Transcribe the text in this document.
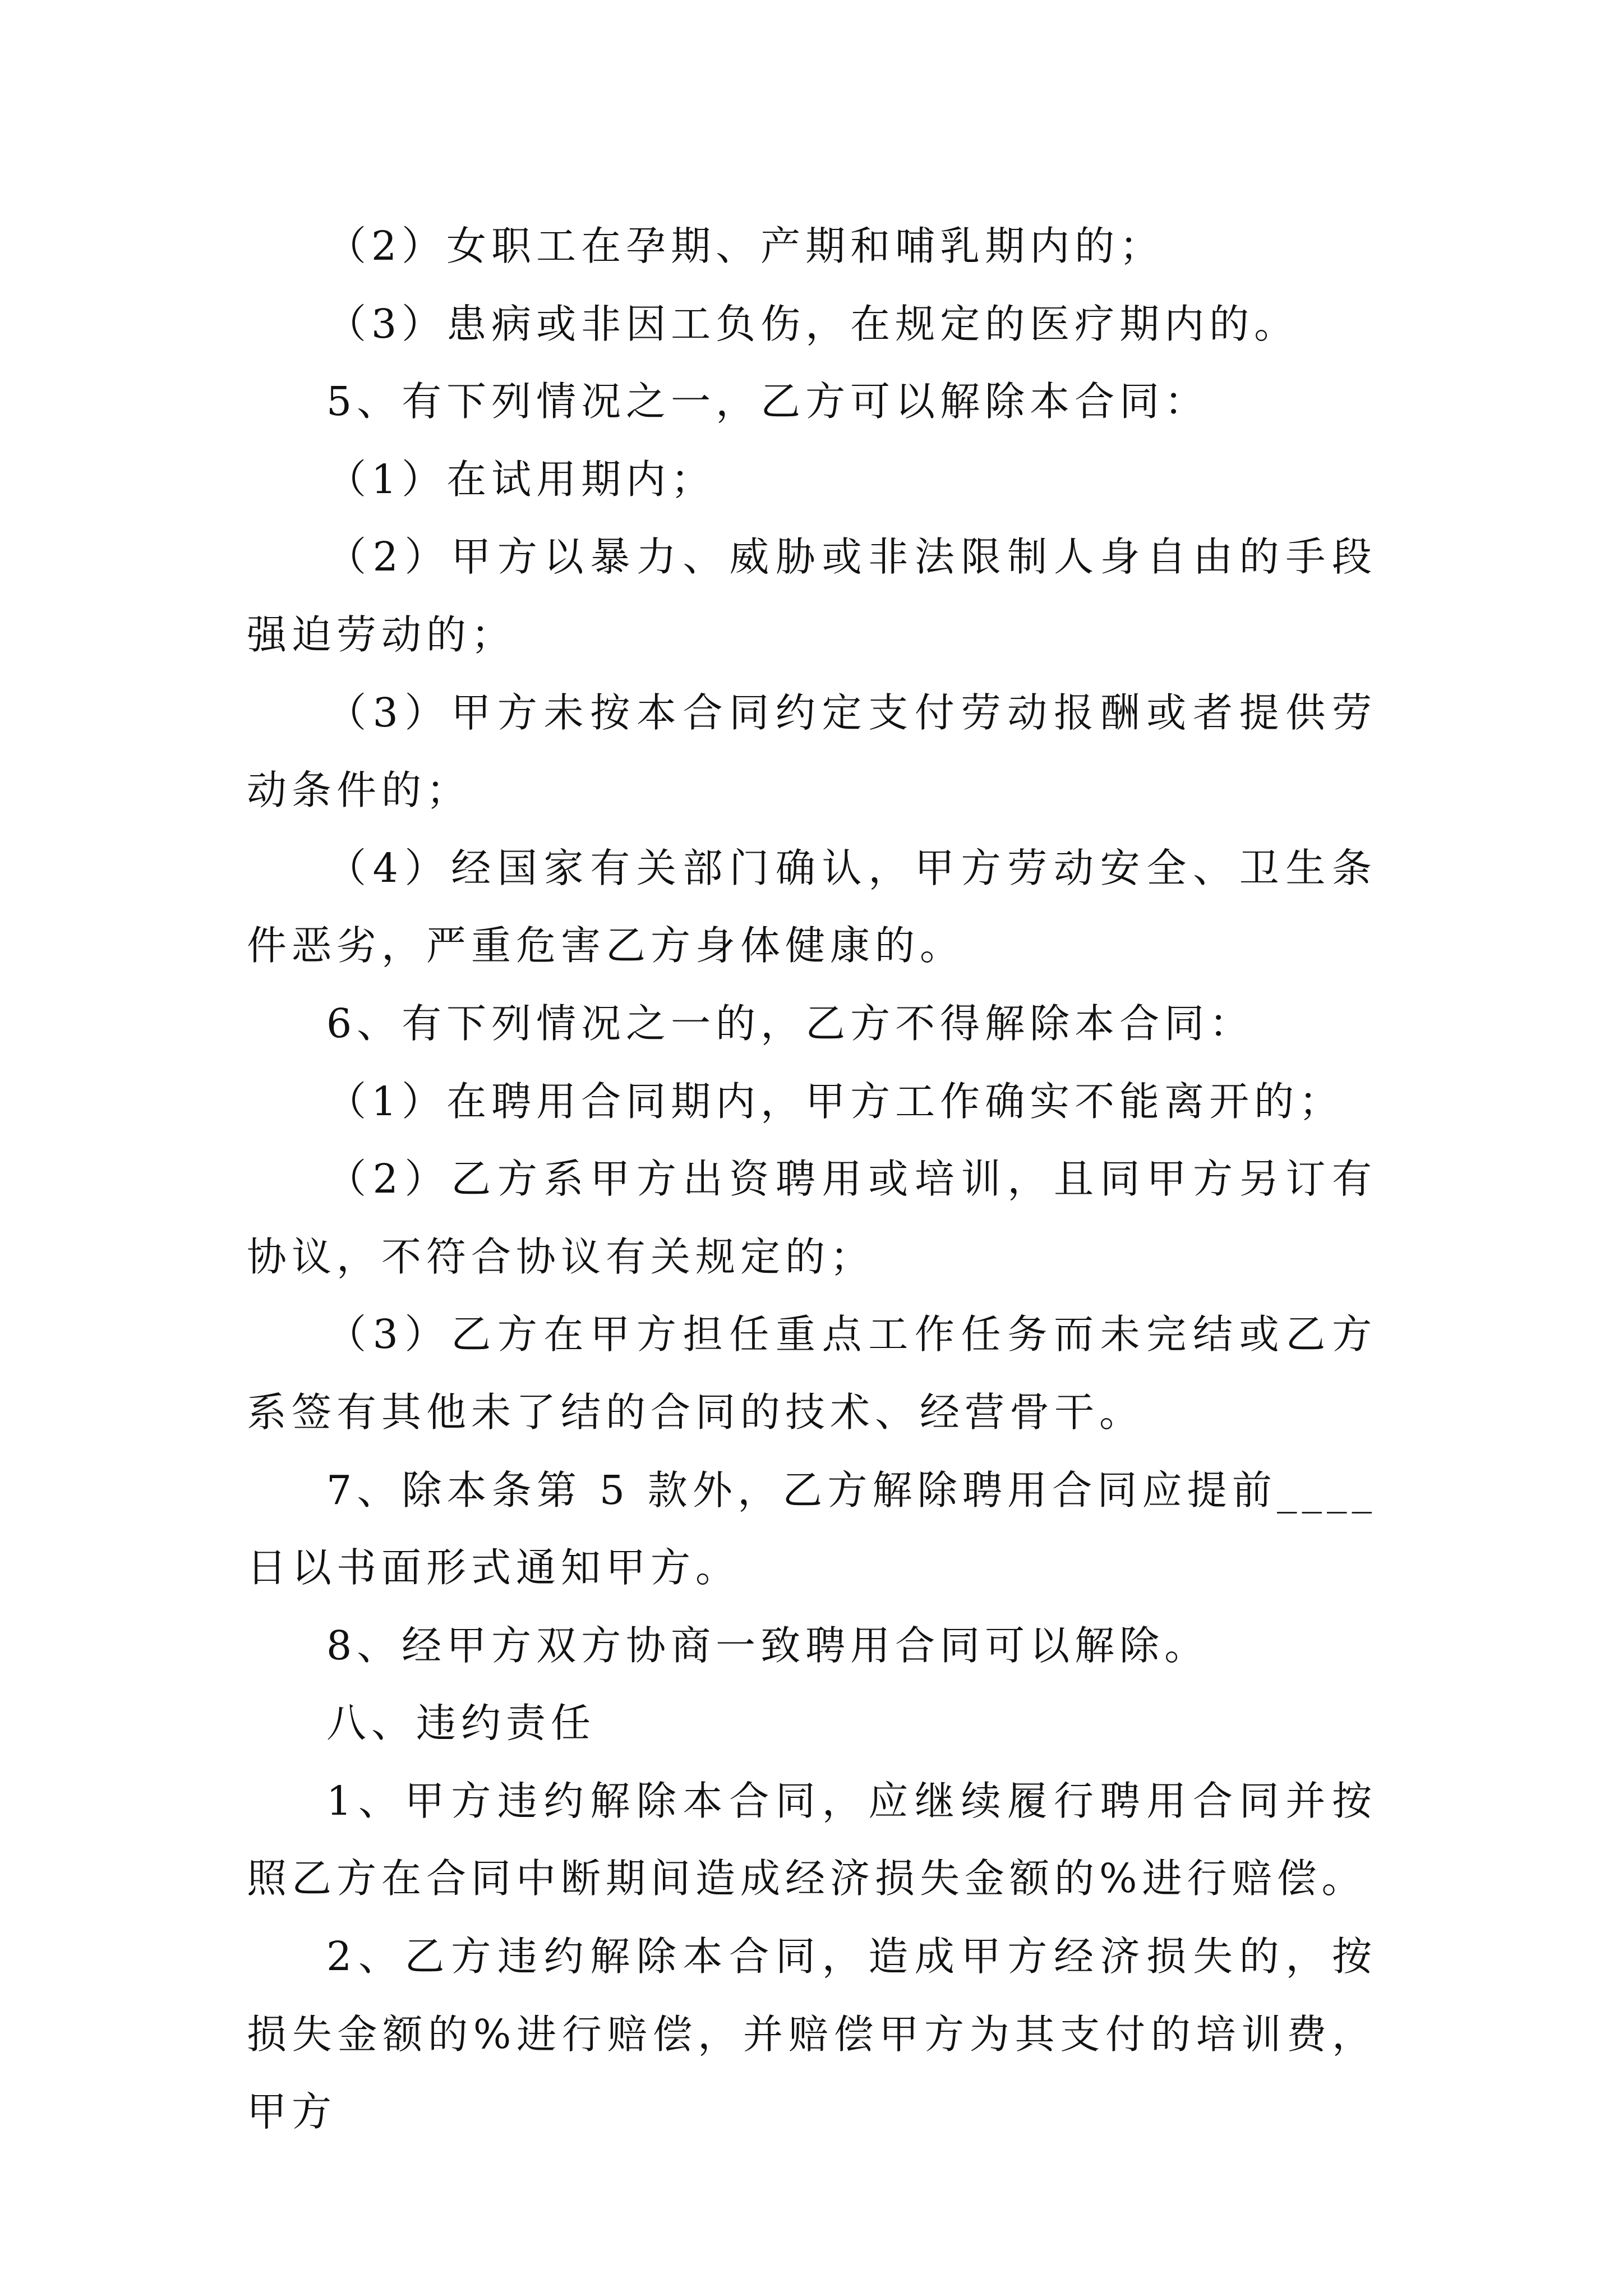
（2）女职工在孕期、产期和哺乳期内的；

（3）患病或非因工负伤，在规定的医疗期内的。

5、有下列情况之一，乙方可以解除本合同：

（1）在试用期内；

（2）甲方以暴力、威胁或非法限制人身自由的手段强迫劳动的；

（3）甲方未按本合同约定支付劳动报酬或者提供劳动条件的；

（4）经国家有关部门确认，甲方劳动安全、卫生条件恶劣，严重危害乙方身体健康的。

6、有下列情况之一的，乙方不得解除本合同：

（1）在聘用合同期内，甲方工作确实不能离开的；

（2）乙方系甲方出资聘用或培训，且同甲方另订有协议，不符合协议有关规定的；

（3）乙方在甲方担任重点工作任务而未完结或乙方系签有其他未了结的合同的技术、经营骨干。

7、除本条第 5 款外，乙方解除聘用合同应提前____日以书面形式通知甲方。

8、经甲方双方协商一致聘用合同可以解除。

八、违约责任

1、甲方违约解除本合同，应继续履行聘用合同并按照乙方在合同中断期间造成经济损失金额的%进行赔偿。

2、乙方违约解除本合同，造成甲方经济损失的，按损失金额的%进行赔偿，并赔偿甲方为其支付的培训费，甲方
